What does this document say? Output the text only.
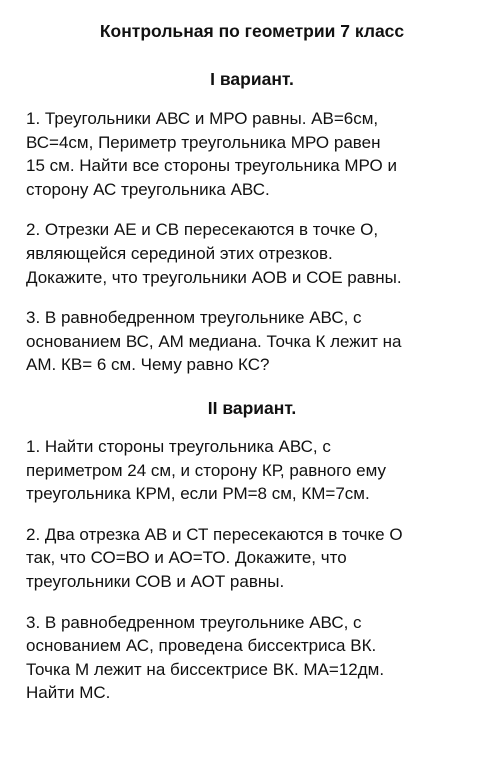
Контрольная по геометрии 7 класс

I вариант.

1. Треугольники АВС и МРО равны. АВ=6см,
ВС=4см, Периметр треугольника МРО равен
15 см. Найти все стороны треугольника МРО и
сторону АС треугольника АВС.

2. Отрезки АЕ и СВ пересекаются в точке О,
являющейся серединой этих отрезков.
Докажите, что треугольники АОВ и СОЕ равны.

3. В равнобедренном треугольнике АВС, с
основанием ВС, АМ медиана. Точка К лежит на
АМ. КВ= 6 см. Чему равно КС?

II вариант.

1. Найти стороны треугольника АВС, с
периметром 24 см, и сторону КР, равного ему
треугольника КРМ, если РМ=8 см, КМ=7см.

2. Два отрезка АВ и СТ пересекаются в точке О
так, что СО=ВО и АО=ТО. Докажите, что
треугольники СОВ и АОТ равны.

3. В равнобедренном треугольнике АВС, с
основанием АС, проведена биссектриса ВК.
Точка М лежит на биссектрисе ВК. МА=12дм.
Найти МС.
